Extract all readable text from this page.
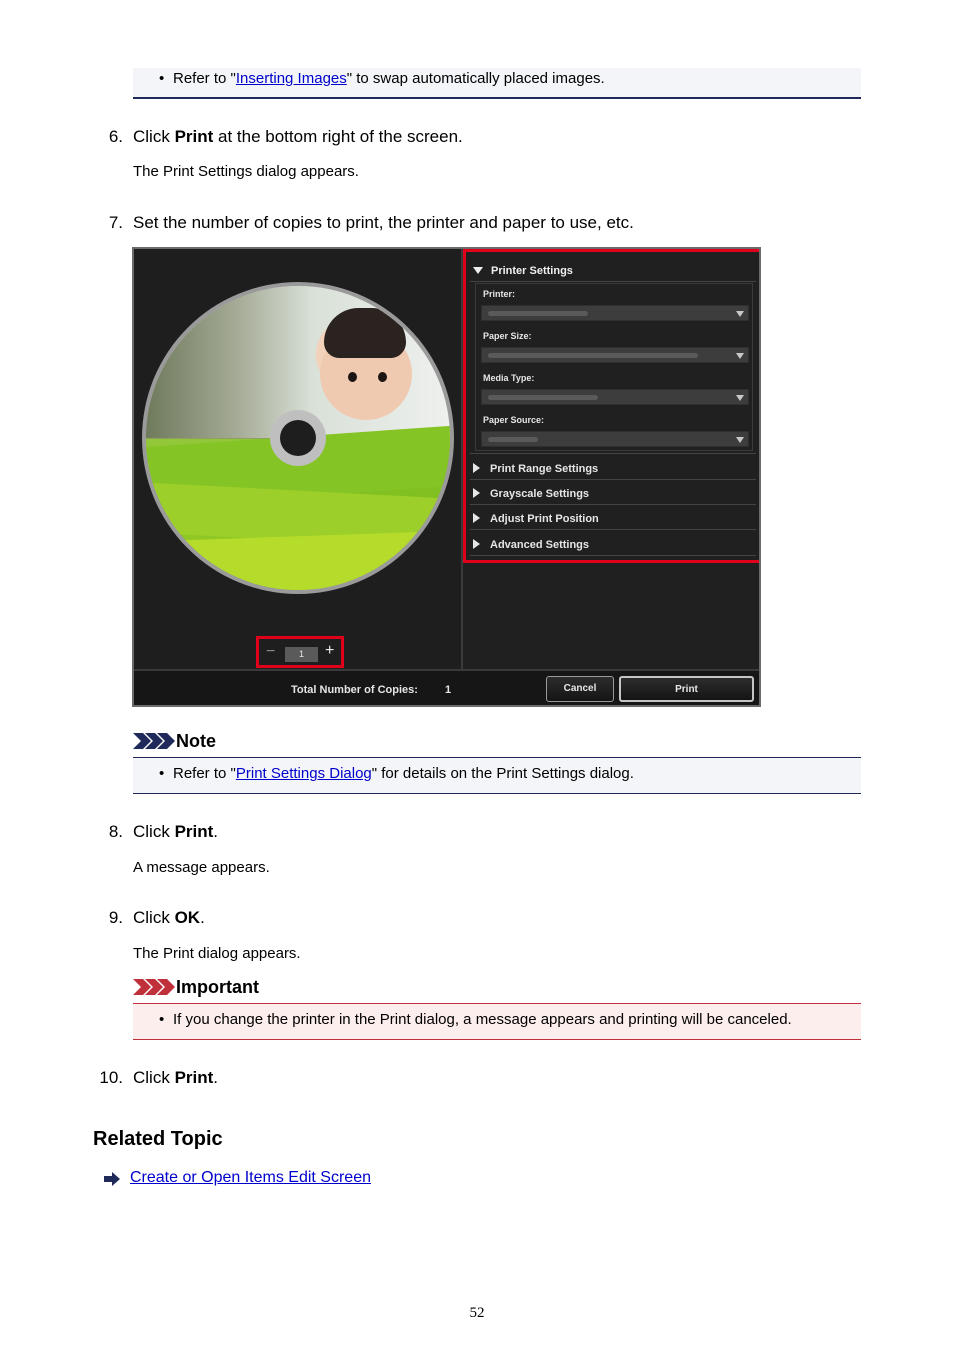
• Refer to "Inserting Images" to swap automatically placed images.
6. Click Print at the bottom right of the screen.
The Print Settings dialog appears.
7. Set the number of copies to print, the printer and paper to use, etc.
−	1	+
Printer Settings
Printer:
Paper Size:
Media Type:
Paper Source:
Print Range Settings
Grayscale Settings
Adjust Print Position
Advanced Settings
Total Number of Copies: 1	Cancel	Print
Note
• Refer to "Print Settings Dialog" for details on the Print Settings dialog.
8. Click Print.
A message appears.
9. Click OK.
The Print dialog appears.
Important
• If you change the printer in the Print dialog, a message appears and printing will be canceled.
10. Click Print.
Related Topic
Create or Open Items Edit Screen
52
